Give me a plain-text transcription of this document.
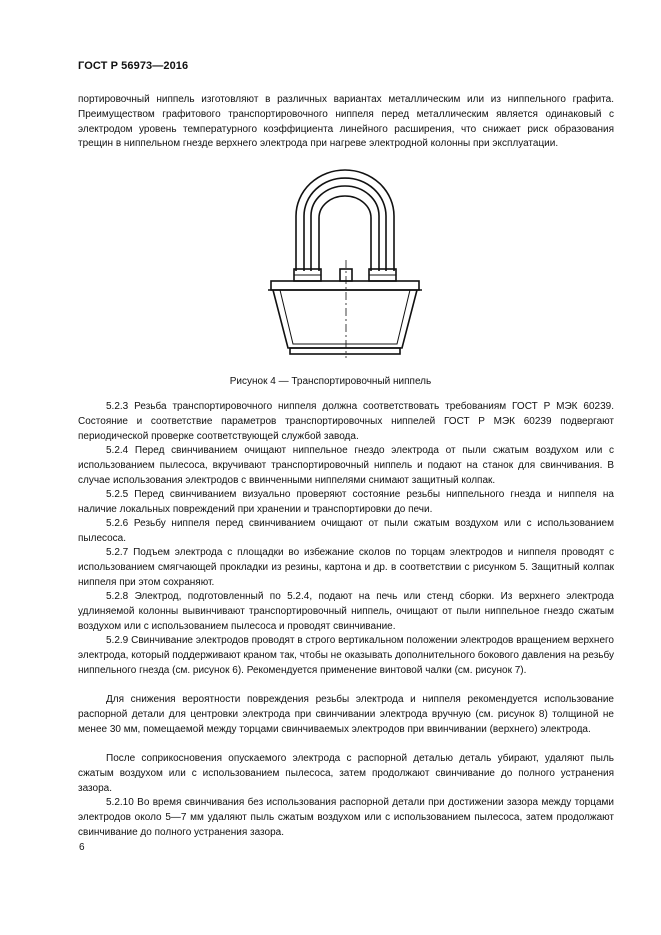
ГОСТ Р 56973—2016

портировочный ниппель изготовляют в различных вариантах металлическим или из ниппельного графита. Преимуществом графитового транспортировочного ниппеля перед металлическим является одинаковый с электродом уровень температурного коэффициента линейного расширения, что снижает риск образования трещин в ниппельном гнезде верхнего электрода при нагреве электродной колонны при эксплуатации.

Рисунок 4 — Транспортировочный ниппель

5.2.3 Резьба транспортировочного ниппеля должна соответствовать требованиям ГОСТ Р МЭК 60239. Состояние и соответствие параметров транспортировочных ниппелей ГОСТ Р МЭК 60239 подвергают периодической проверке соответствующей службой завода.

5.2.4 Перед свинчиванием очищают ниппельное гнездо электрода от пыли сжатым воздухом или с использованием пылесоса, вкручивают транспортировочный ниппель и подают на станок для свинчивания. В случае использования электродов с ввинченными ниппелями снимают защитный колпак.

5.2.5 Перед свинчиванием визуально проверяют состояние резьбы ниппельного гнезда и ниппеля на наличие локальных повреждений при хранении и транспортировки до печи.

5.2.6 Резьбу ниппеля перед свинчиванием очищают от пыли сжатым воздухом или с использованием пылесоса.

5.2.7 Подъем электрода с площадки во избежание сколов по торцам электродов и ниппеля проводят с использованием смягчающей прокладки из резины, картона и др. в соответствии с рисунком 5. Защитный колпак ниппеля при этом сохраняют.

5.2.8 Электрод, подготовленный по 5.2.4, подают на печь или стенд сборки. Из верхнего электрода удлиняемой колонны вывинчивают транспортировочный ниппель, очищают от пыли ниппельное гнездо сжатым воздухом или с использованием пылесоса и проводят свинчивание.

5.2.9 Свинчивание электродов проводят в строго вертикальном положении электродов вращением верхнего электрода, который поддерживают краном так, чтобы не оказывать дополнительного бокового давления на резьбу ниппельного гнезда (см. рисунок 6). Рекомендуется применение винтовой чалки (см. рисунок 7).

Для снижения вероятности повреждения резьбы электрода и ниппеля рекомендуется использование распорной детали для центровки электрода при свинчивании электрода вручную (см. рисунок 8) толщиной не менее 30 мм, помещаемой между торцами свинчиваемых электродов при ввинчивании (верхнего) электрода.

После соприкосновения опускаемого электрода с распорной деталью деталь убирают, удаляют пыль сжатым воздухом или с использованием пылесоса, затем продолжают свинчивание до полного устранения зазора.

5.2.10 Во время свинчивания без использования распорной детали при достижении зазора между торцами электродов около 5—7 мм удаляют пыль сжатым воздухом или с использованием пылесоса, затем продолжают свинчивание до полного устранения зазора.

6
